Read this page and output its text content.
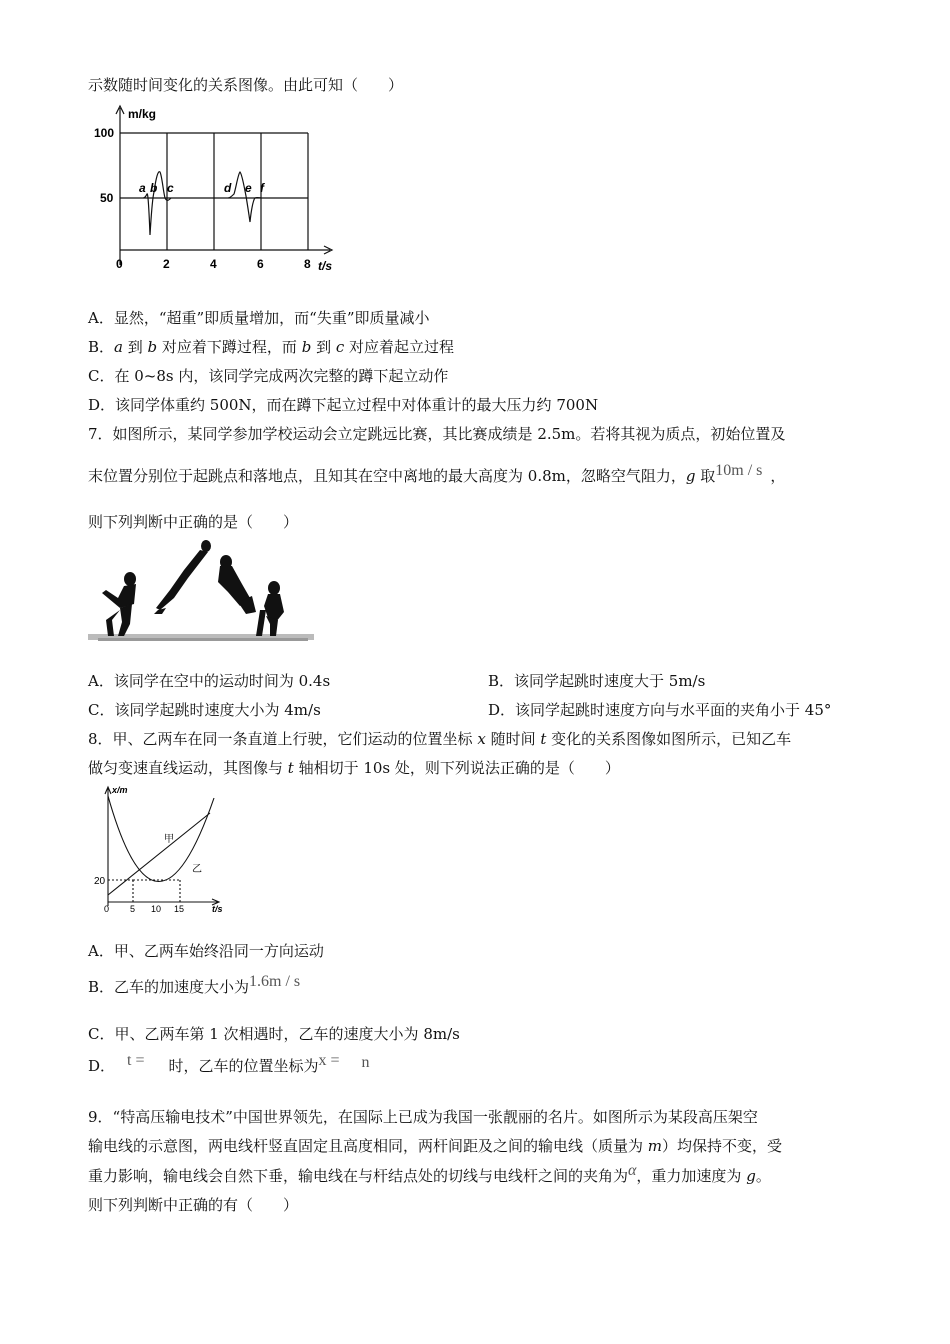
示数随时间变化的关系图像。由此可知（　　）
m/kg
100
50
0	2	4	6	8 t/s
a b c	d e f
A．显然，“超重”即质量增加，而“失重”即质量减小
B．a 到 b 对应着下蹲过程，而 b 到 c 对应着起立过程
C．在 0~8s 内，该同学完成两次完整的蹲下起立动作
D．该同学体重约 500N，而在蹲下起立过程中对体重计的最大压力约 700N
7．如图所示，某同学参加学校运动会立定跳远比赛，其比赛成绩是 2.5m。若将其视为质点，初始位置及
末位置分别位于起跳点和落地点，且知其在空中离地的最大高度为 0.8m，忽略空气阻力，g 取10m / s ，
则下列判断中正确的是（　　）
A．该同学在空中的运动时间为 0.4s	B．该同学起跳时速度大于 5m/s
C．该同学起跳时速度大小为 4m/s	D．该同学起跳时速度方向与水平面的夹角小于 45°
8．甲、乙两车在同一条直道上行驶，它们运动的位置坐标 x 随时间 t 变化的关系图像如图所示，已知乙车
做匀变速直线运动，其图像与 t 轴相切于 10s 处，则下列说法正确的是（　　）
x/m
t/s
20
0 5 10 15
甲
乙
A．甲、乙两车始终沿同一方向运动
B．乙车的加速度大小为1.6m / s
C．甲、乙两车第 1 次相遇时，乙车的速度大小为 8m/s
D． t = 时，乙车的位置坐标为x = n
9．“特高压输电技术”中国世界领先，在国际上已成为我国一张靓丽的名片。如图所示为某段高压架空
输电线的示意图，两电线杆竖直固定且高度相同，两杆间距及之间的输电线（质量为 m）均保持不变，受
重力影响，输电线会自然下垂，输电线在与杆结点处的切线与电线杆之间的夹角为α，重力加速度为 g。
则下列判断中正确的有（　　）
